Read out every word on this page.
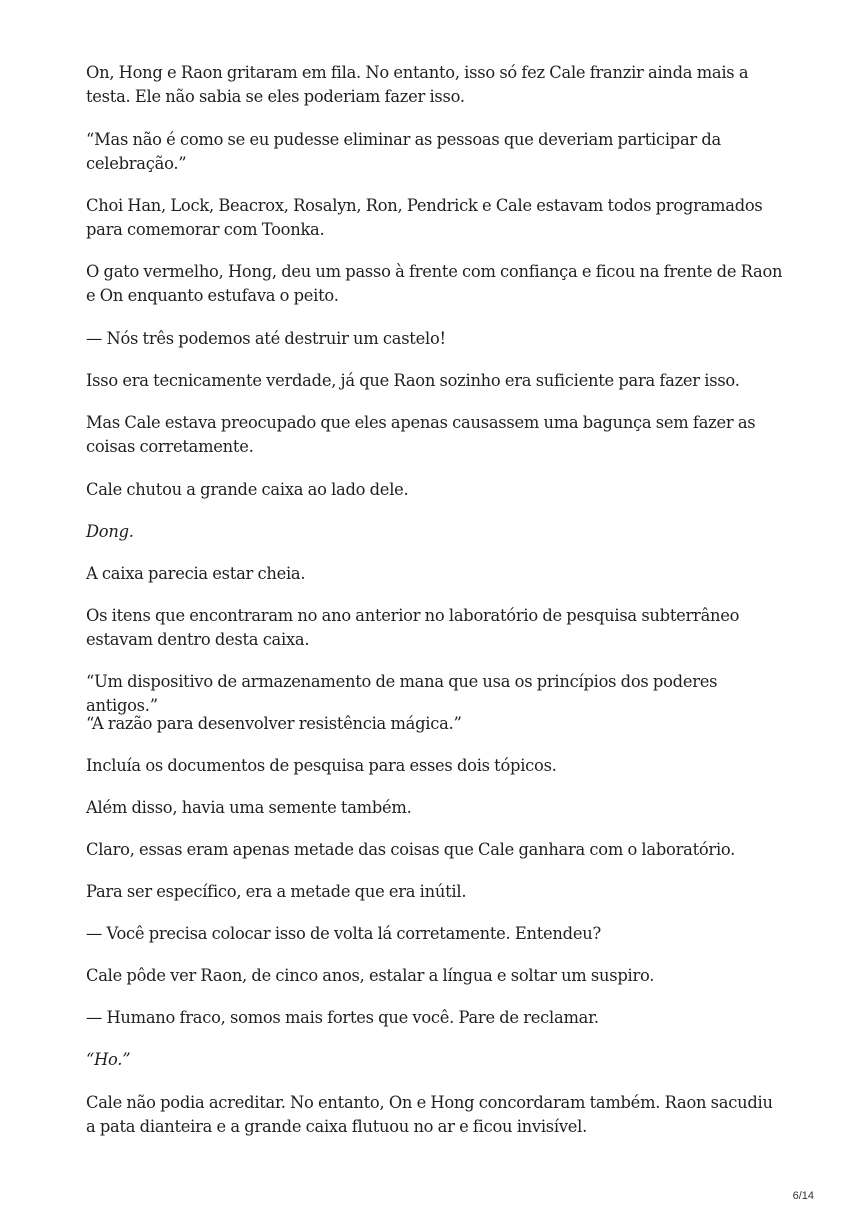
On, Hong e Raon gritaram em fila. No entanto, isso só fez Cale franzir ainda mais a testa. Ele não sabia se eles poderiam fazer isso.

“Mas não é como se eu pudesse eliminar as pessoas que deveriam participar da celebração.”

Choi Han, Lock, Beacrox, Rosalyn, Ron, Pendrick e Cale estavam todos programados para comemorar com Toonka.

O gato vermelho, Hong, deu um passo à frente com confiança e ficou na frente de Raon e On enquanto estufava o peito.

— Nós três podemos até destruir um castelo!

Isso era tecnicamente verdade, já que Raon sozinho era suficiente para fazer isso.

Mas Cale estava preocupado que eles apenas causassem uma bagunça sem fazer as coisas corretamente.

Cale chutou a grande caixa ao lado dele.

Dong.

A caixa parecia estar cheia.

Os itens que encontraram no ano anterior no laboratório de pesquisa subterrâneo estavam dentro desta caixa.

“Um dispositivo de armazenamento de mana que usa os princípios dos poderes antigos.”

“A razão para desenvolver resistência mágica.”

Incluía os documentos de pesquisa para esses dois tópicos.

Além disso, havia uma semente também.

Claro, essas eram apenas metade das coisas que Cale ganhara com o laboratório.

Para ser específico, era a metade que era inútil.

— Você precisa colocar isso de volta lá corretamente. Entendeu?

Cale pôde ver Raon, de cinco anos, estalar a língua e soltar um suspiro.

— Humano fraco, somos mais fortes que você. Pare de reclamar.

“Ho.”

Cale não podia acreditar. No entanto, On e Hong concordaram também. Raon sacudiu a pata dianteira e a grande caixa flutuou no ar e ficou invisível.

6/14
